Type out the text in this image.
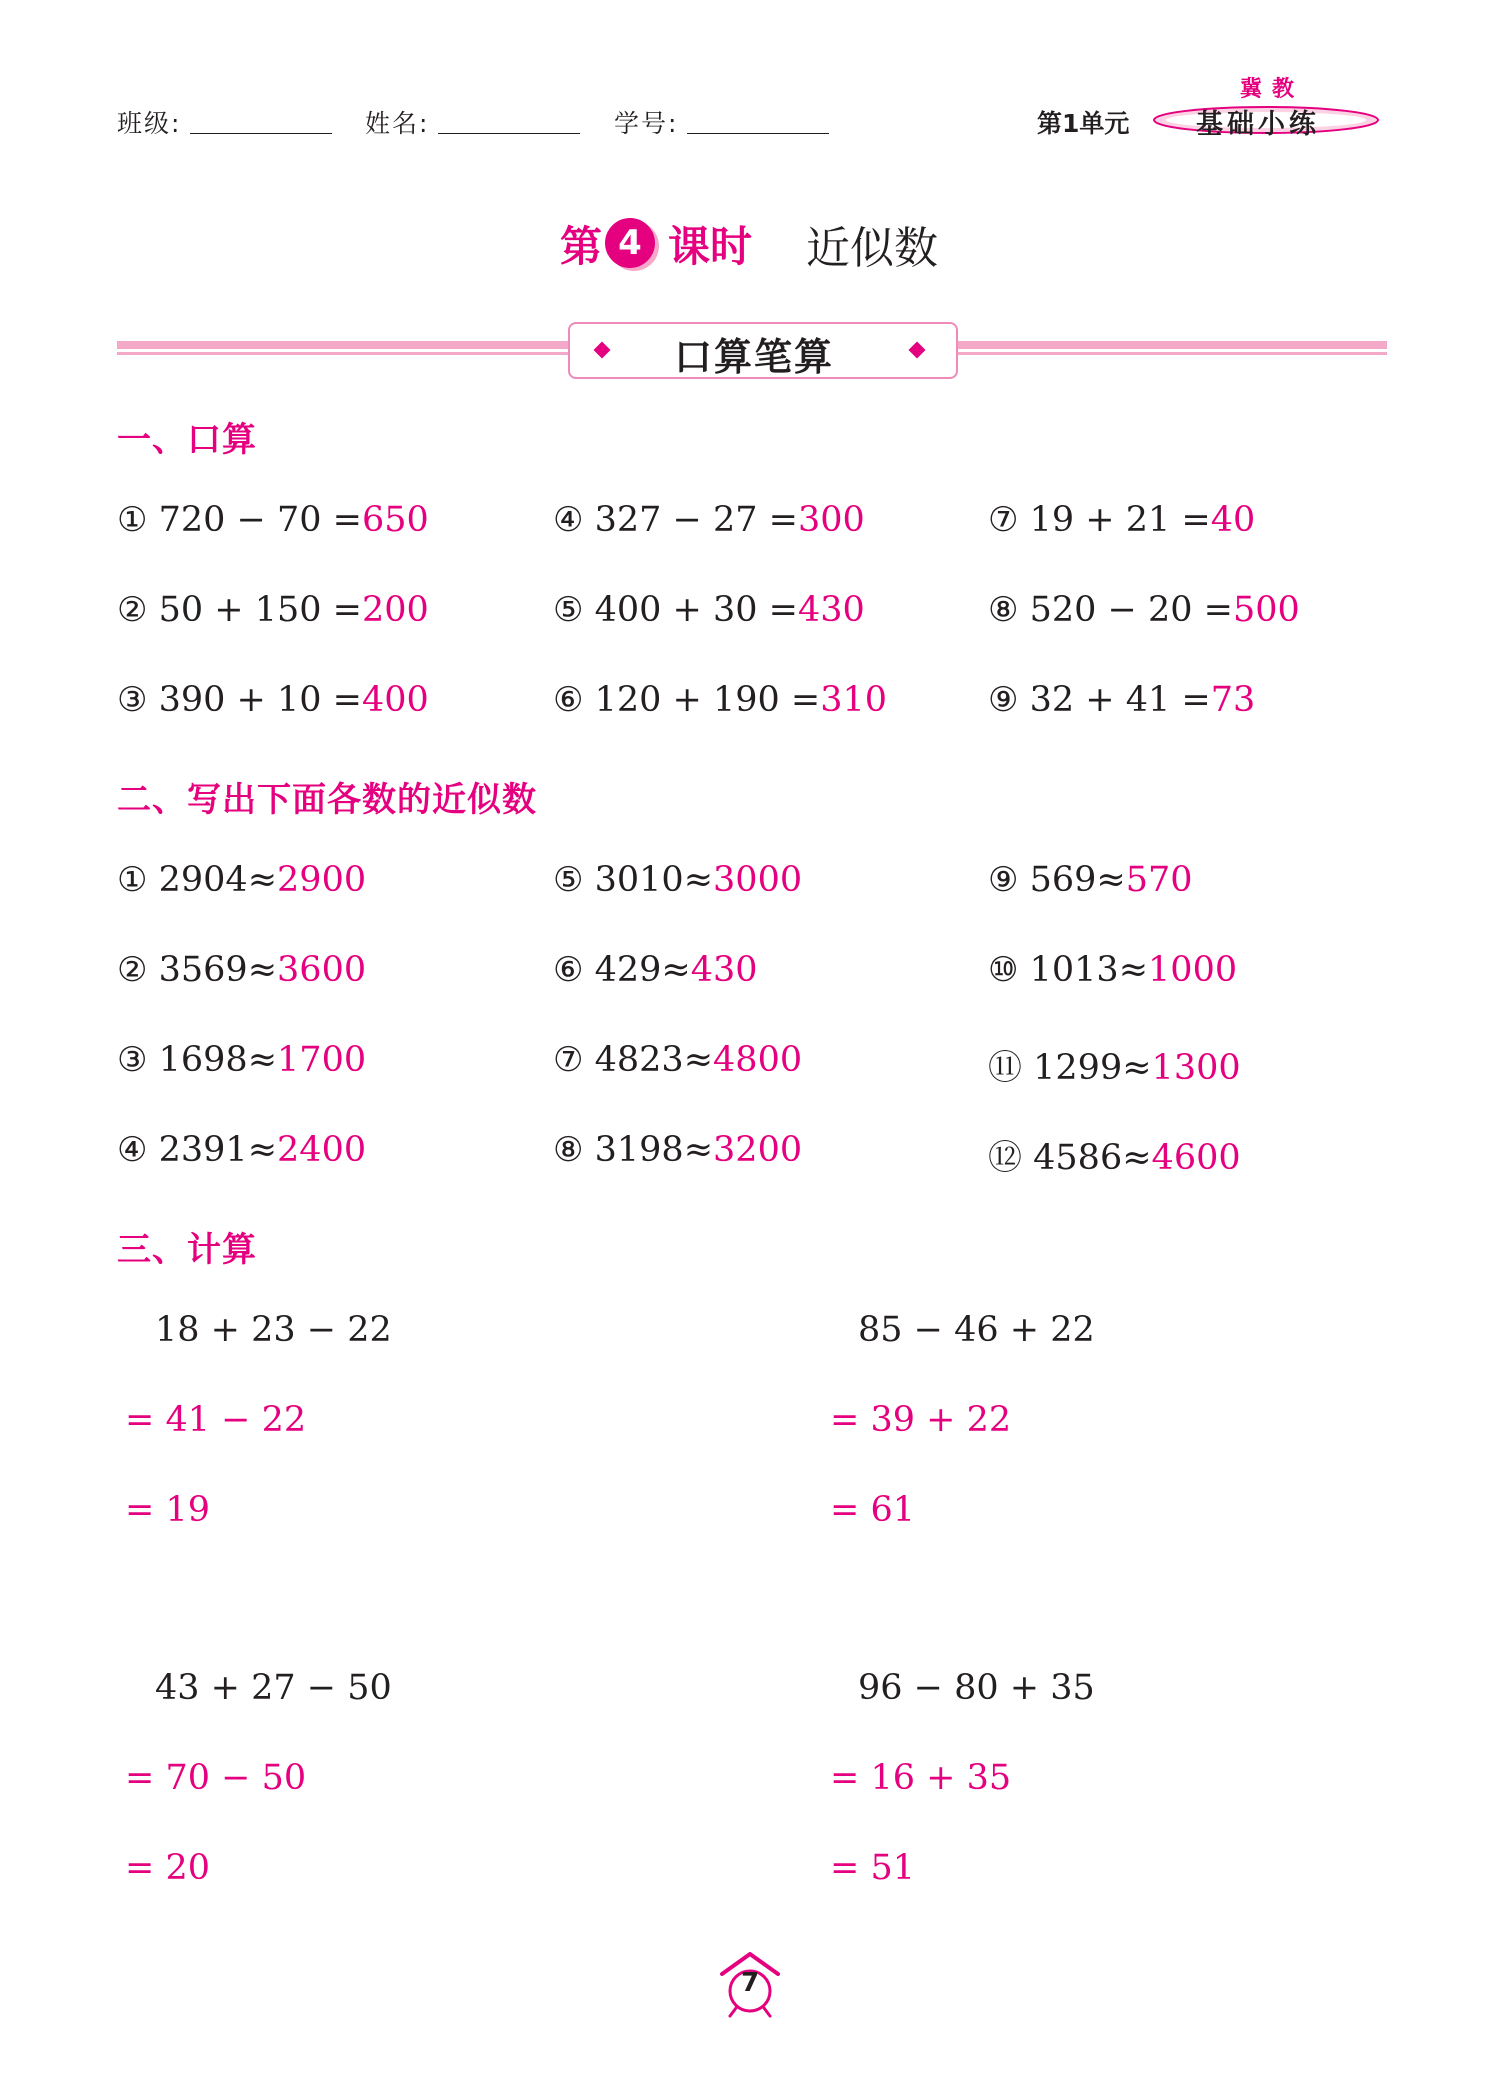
班级:	姓名:	学号:	第1单元
冀教
基础小练
第 4 课时 近似数
口算笔算
一、口算
① 720 − 70 =650
② 50 + 150 =200
③ 390 + 10 =400
④ 327 − 27 =300
⑤ 400 + 30 =430
⑥ 120 + 190 =310
⑦ 19 + 21 =40
⑧ 520 − 20 =500
⑨ 32 + 41 =73
二、写出下面各数的近似数
① 2904≈2900
② 3569≈3600
③ 1698≈1700
④ 2391≈2400
⑤ 3010≈3000
⑥ 429≈430
⑦ 4823≈4800
⑧ 3198≈3200
⑨ 569≈570
⑩ 1013≈1000
⑪ 1299≈1300
⑫ 4586≈4600
三、计算
18 + 23 − 22
= 41 − 22
= 19
85 − 46 + 22
= 39 + 22
= 61
43 + 27 − 50
= 70 − 50
= 20
96 − 80 + 35
= 16 + 35
= 51
7
